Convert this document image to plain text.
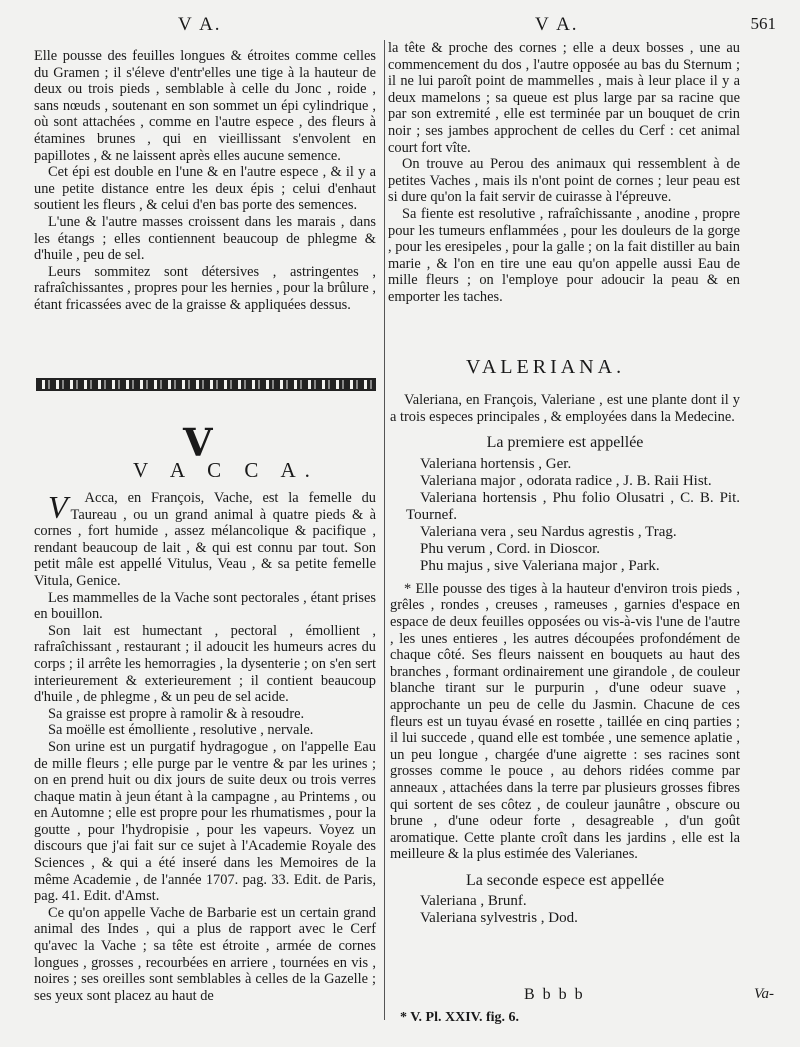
V A.	V A.	561

Elle pousse des feuilles longues & étroites comme celles du Gramen ; il s'éleve d'entr'elles une tige à la hauteur de deux ou trois pieds , semblable à celle du Jonc , roide , sans nœuds , soutenant en son sommet un épi cylindrique , où sont attachées , comme en l'autre espece , des fleurs à étamines brunes , qui en vieillissant s'envolent en papillotes , & ne laissent après elles aucune semence.

Cet épi est double en l'une & en l'autre espece , & il y a une petite distance entre les deux épis ; celui d'enhaut soutient les fleurs , & celui d'en bas porte des semences.

L'une & l'autre masses croissent dans les marais , dans les étangs ; elles contiennent beaucoup de phlegme & d'huile , peu de sel.

Leurs sommitez sont détersives , astringentes , rafraîchissantes , propres pour les hernies , pour la brûlure , étant fricassées avec de la graisse & appliquées dessus.

V
V A C C A.

V Acca, en François, Vache, est la femelle du Taureau , ou un grand animal à quatre pieds & à cornes , fort humide , assez mélancolique & pacifique , rendant beaucoup de lait , & qui est connu par tout. Son petit mâle est appellé Vitulus, Veau , & sa petite femelle Vitula, Genice.

Les mammelles de la Vache sont pectorales , étant prises en bouillon.

Son lait est humectant , pectoral , émollient , rafraîchissant , restaurant ; il adoucit les humeurs acres du corps ; il arrête les hemorragies , la dysenterie ; on s'en sert interieurement & exterieurement ; il contient beaucoup d'huile , de phlegme , & un peu de sel acide.

Sa graisse est propre à ramolir & à resoudre.

Sa moëlle est émolliente , resolutive , nervale.

Son urine est un purgatif hydragogue , on l'appelle Eau de mille fleurs ; elle purge par le ventre & par les urines ; on en prend huit ou dix jours de suite deux ou trois verres chaque matin à jeun étant à la campagne , au Printems , ou en Automne ; elle est propre pour les rhumatismes , pour la goutte , pour l'hydropisie , pour les vapeurs. Voyez un discours que j'ai fait sur ce sujet à l'Academie Royale des Sciences , & qui a été inseré dans les Memoires de la même Academie , de l'année 1707. pag. 33. Edit. de Paris, pag. 41. Edit. d'Amst.

Ce qu'on appelle Vache de Barbarie est un certain grand animal des Indes , qui a plus de rapport avec le Cerf qu'avec la Vache ; sa tête est étroite , armée de cornes longues , grosses , recourbées en arriere , tournées en vis , noires ; ses oreilles sont semblables à celles de la Gazelle ; ses yeux sont placez au haut de

la tête & proche des cornes ; elle a deux bosses , une au commencement du dos , l'autre opposée au bas du Sternum ; il ne lui paroît point de mammelles , mais à leur place il y a deux mamelons ; sa queue est plus large par sa racine que par son extremité , elle est terminée par un bouquet de crin noir ; ses jambes approchent de celles du Cerf : cet animal court fort vîte.

On trouve au Perou des animaux qui ressemblent à de petites Vaches , mais ils n'ont point de cornes ; leur peau est si dure qu'on la fait servir de cuirasse à l'épreuve.

Sa fiente est resolutive , rafraîchissante , anodine , propre pour les tumeurs enflammées , pour les douleurs de la gorge , pour les eresipeles , pour la galle ; on la fait distiller au bain marie , & l'on en tire une eau qu'on appelle aussi Eau de mille fleurs ; on l'employe pour adoucir la peau & en emporter les taches.

VALERIANA.

Valeriana, en François, Valeriane , est une plante dont il y a trois especes principales , & employées dans la Medecine.

La premiere est appellée

Valeriana hortensis , Ger.

Valeriana major , odorata radice , J. B. Raii Hist.

Valeriana hortensis , Phu folio Olusatri , C. B. Pit. Tournef.

Valeriana vera , seu Nardus agrestis , Trag.

Phu verum , Cord. in Dioscor.

Phu majus , sive Valeriana major , Park.

* Elle pousse des tiges à la hauteur d'environ trois pieds , grêles , rondes , creuses , rameuses , garnies d'espace en espace de deux feuilles opposées ou vis-à-vis l'une de l'autre , les unes entieres , les autres découpées profondément de chaque côté. Ses fleurs naissent en bouquets au haut des branches , formant ordinairement une girandole , de couleur blanche tirant sur le purpurin , d'une odeur suave , approchante un peu de celle du Jasmin. Chacune de ces fleurs est un tuyau évasé en rosette , taillée en cinq parties ; il lui succede , quand elle est tombée , une semence aplatie , un peu longue , chargée d'une aigrette : ses racines sont grosses comme le pouce , au dehors ridées comme par anneaux , attachées dans la terre par plusieurs grosses fibres qui sortent de ses côtez , de couleur jaunâtre , obscure ou brune , d'une odeur forte , desagreable , d'un goût aromatique. Cette plante croît dans les jardins , elle est la meilleure & la plus estimée des Valerianes.

La seconde espece est appellée

Valeriana , Brunf.

Valeriana sylvestris , Dod.

B b b b	Va-
* V. Pl. XXIV. fig. 6.
